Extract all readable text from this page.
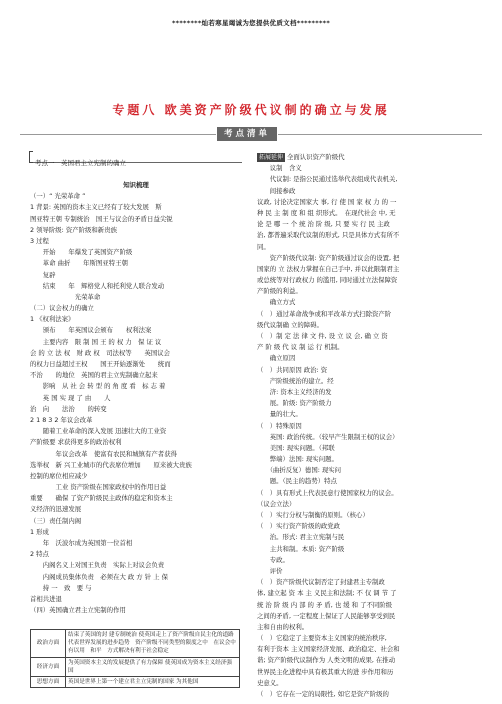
********灿若寒星竭诚为您提供优质文档*********
专题八 欧美资产阶级代议制的确立与发展
考点清单
考点一　英国君主立宪制的确立
知识梳理
（一）“ 光荣革命 ”
1 背景: 英国的资本主义已经有了较大发展　斯
图亚特王朝 专制统治　国王与议会的矛盾日益尖锐
2 领导阶级: 资产阶级和新贵族
3 过程
　　开始　　年爆发了英国资产阶级
　　革命 曲折　　年斯图亚特王朝
　　复辟
　　结束　　年　辉格党人和托利党人联合发动
　　　　　　　光荣革命
（二）议会权力的确立
1 《权利法案》
　　颁布　　年英国议会颁布　　权利法案
　　主要内容　限 制 国 王 的 权 力　保 证 议
会 的 立 法 权　财 政 权　司法权等　　英国议会
的权力日益超过王权　　国王开始逐渐处　　统而
不治　　的地位　英国的君主立宪制确立起来
　　影响　从 社 会 转 型 的 角 度 看　标 志 着
　　英 国 实 现 了 由　　人
治　向　　法治　　的转变
2 1 8 3 2 年议会改革
　　随着工业革命的深入发展 迅速壮大的工业资
产阶级要 求获得更多的政治权利
　　　　年议会改革　使富有农民和城镇有产者获得
选举权　新 兴工业城市的代表席位增加　　原来被大贵族
控制的席位相应减少
　　　　工业 资产阶级在国家政权中的作用日益
重要　　确保 了资产阶级民主政体的稳定和资本主
义经济的迅速发展
（三）责任制内阁
1 形成
　　年　沃波尔成为英国第一位首相
2 特点
　　内阁名义上对国王负责　实际上对议会负责
　　内阁成员集体负责　必须在大 政 方 针 上 保
　　持 一　致　要 与
首相共进退
（四）英国确立君主立宪制的作用
政治方面	结束了英国的封 建专制统治 使英国走上了资产阶级自民主化的道路　代表世界发展的进步趋势　资产阶级不同类型的限度之中　在议会中有以用　和平　方式解决有利于社会稳定
经济方面	为英国资本主义的发展提供了有力保障 使英国成为资本主义经济强国
思想方面	英国是世界上第一个建立君主立宪制的国家 为其他国
拓展延伸 全面认识资产阶级代
　　议制　含义
　　代议制: 是指公民通过选举代表组成代表机关,
　　间接参政
议政, 讨论决定国家大 事, 行 使 国 家 权 力 的 一
种 民 主 制 度 和 组 织形式。　在现代社会 中, 无
论 是 哪 一 个 统 治 阶 级, 只 要 实 行 民 主政
治, 都普遍采取代议制的形式, 只是具体方式有所不
同。
　　资产阶级代议制: 资产阶级通过议会的设置, 把
国家的 立 法权力掌握在自己手中, 并以此限制君主
或总统等对行政权力 的滥用, 同时通过立法保障资
产阶级的利益。
　　确立方式
（　）通过革命战争或和平改革方式扫除资产阶
级代议制确 立的障碍。
（　）制 定 法 律 文 件, 设 立 议 会, 确 立 资
产 阶 级 代 议 制 运 行 机制。
　　确立原因
（　）共同原因 政治: 资
　　产阶级统治的建立。经
　　济: 资本主义经济的发
　　展。阶级: 资产阶级力
　　量的壮大。
（　）特殊原因
　　英国: 政治传统。（较早产生限制王权的议会）
　　美国: 现实问题。（邦联
　　弊端）法国: 现实问题。
　　（曲折反复）德国: 现实问
　　题。（民主的趋势）特点
（　）具有形式上代表民意行使国家权力的议会。
（议会立法）
（　）实行分权与制衡的原则。（核心）
（　）实行资产阶级的政党政
　　治。形式: 君主立宪制与民
　　主共和制。本质: 资产阶级
　　专政。
　　评价
（　）资产阶级代议制否定了封建君主专制政
体, 建立起 资 本 主 义民主和法制; 不 仅 调 节 了
统 治 阶 级 内 部 的 矛 盾, 也 缓 和 了不同阶级
之间的矛盾, 一定程度上保证了人民能够享受到民
主和自由的权利。
（　）它稳定了主要资本主义国家的统治秩序,
有利于资本 主义国家经济发展、政治稳定、社会和
谐; 资产阶级代议制作为 人类文明的成果, 在推动
世界民主化进程中具有极其重大的进 步作用和历
史意义。
（　）它存在一定的局限性, 如它是资产阶级的
